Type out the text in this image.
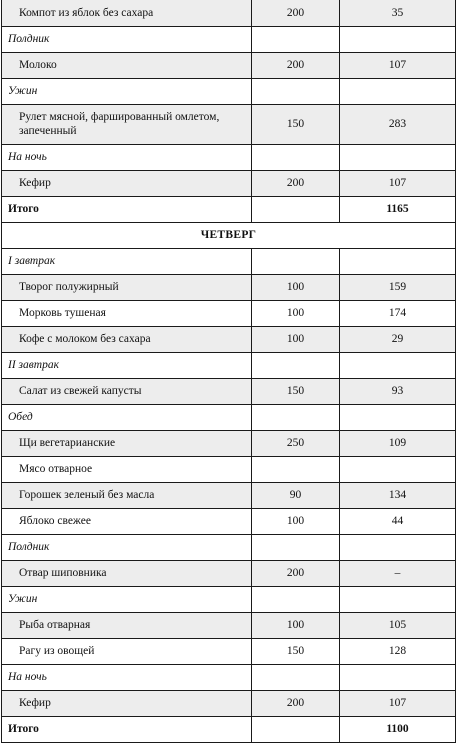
Компот из яблок без сахара	200	35
Полдник		
Молоко	200	107
Ужин		
Рулет мясной, фаршированный омлетом, запеченный	150	283
На ночь		
Кефир	200	107
Итого		1165
ЧЕТВЕРГ		
I завтрак		
Творог полужирный	100	159
Морковь тушеная	100	174
Кофе с молоком без сахара	100	29
II завтрак		
Салат из свежей капусты	150	93
Обед		
Щи вегетарианские	250	109
Мясо отварное		
Горошек зеленый без масла	90	134
Яблоко свежее	100	44
Полдник		
Отвар шиповника	200	–
Ужин		
Рыба отварная	100	105
Рагу из овощей	150	128
На ночь		
Кефир	200	107
Итого		1100
